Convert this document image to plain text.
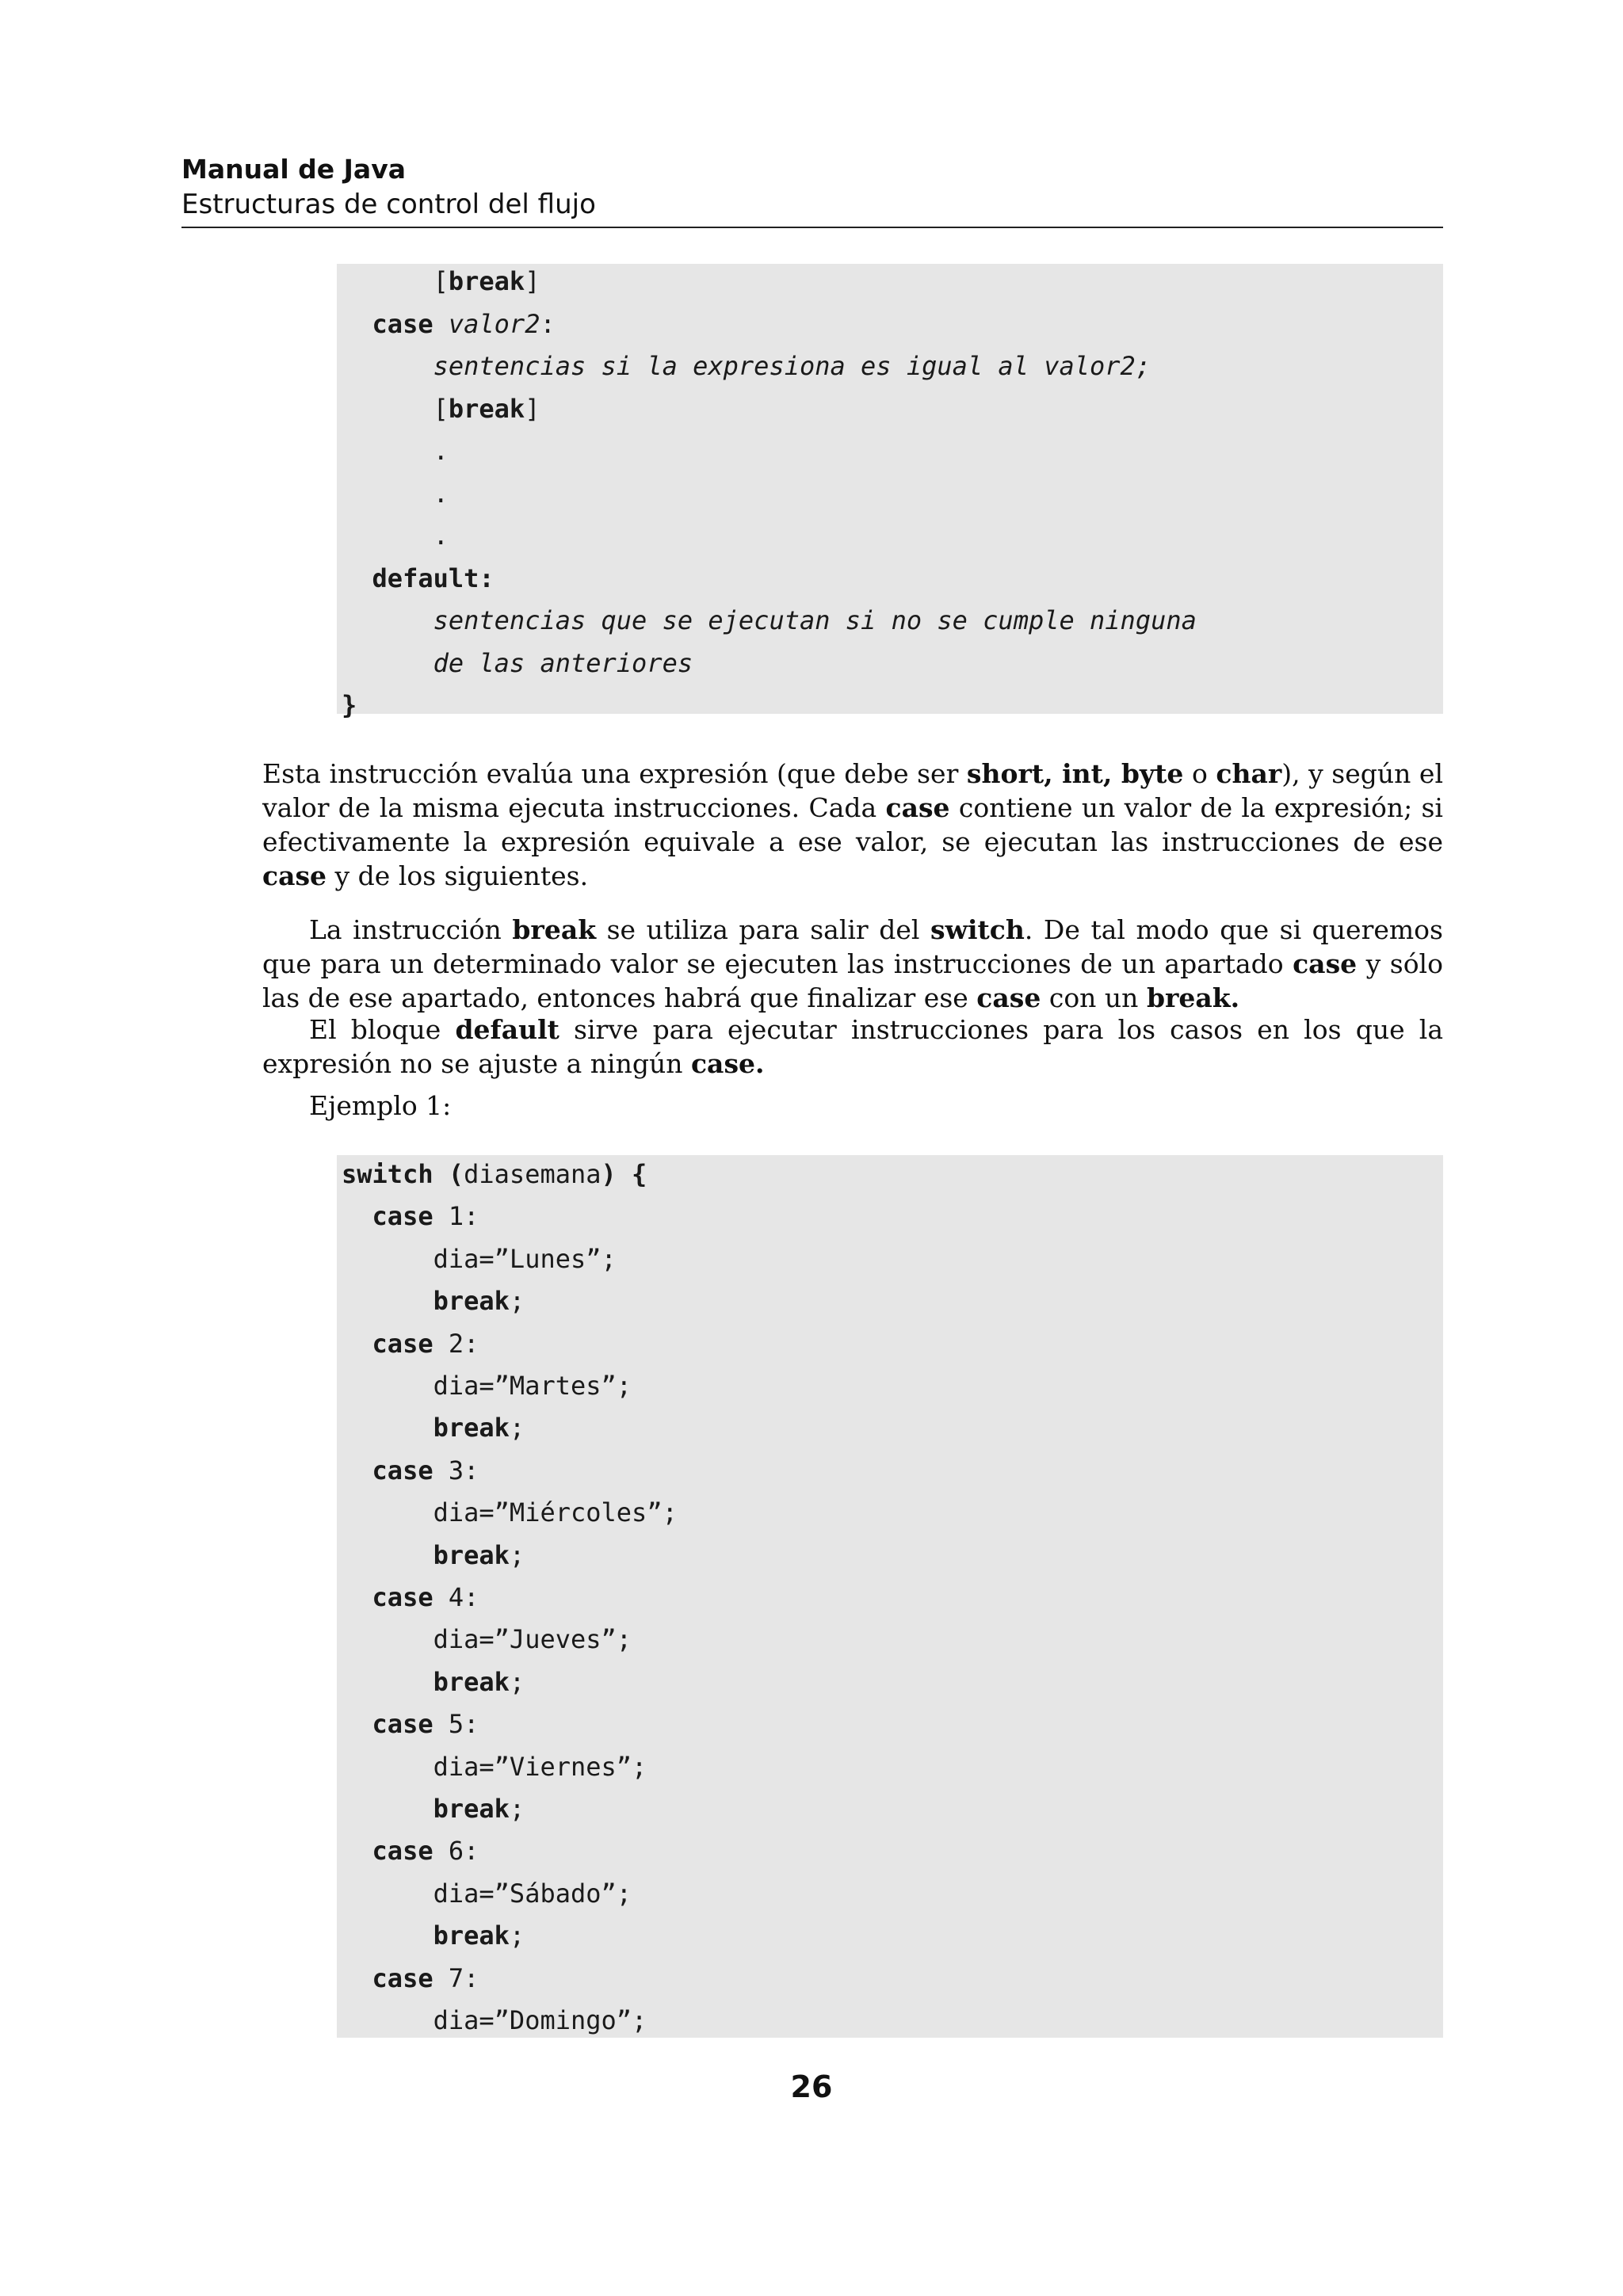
Manual de Java
Estructuras de control del flujo
[break]
case valor2:
sentencias si la expresiona es igual al valor2;
[break]
.
.
.
default:
sentencias que se ejecutan si no se cumple ninguna
de las anteriores
}
switch (diasemana) {
case 1:
dia=”Lunes”;
break;
case 2:
dia=”Martes”;
break;
case 3:
dia=”Miércoles”;
break;
case 4:
dia=”Jueves”;
break;
case 5:
dia=”Viernes”;
break;
case 6:
dia=”Sábado”;
break;
case 7:
dia=”Domingo”;
26
Esta instrucción evalúa una expresión (que debe ser short, int, byte o char), y según el valor de la misma ejecuta instrucciones. Cada case contiene un valor de la expresión; si efectivamente la expresión equivale a ese valor, se ejecutan las instrucciones de ese case y de los siguientes.
La instrucción break se utiliza para salir del switch. De tal modo que si queremos que para un determinado valor se ejecuten las instrucciones de un apartado case y sólo las de ese apartado, entonces habrá que finalizar ese case con un break.
El bloque default sirve para ejecutar instrucciones para los casos en los que la expresión no se ajuste a ningún case.
Ejemplo 1:
